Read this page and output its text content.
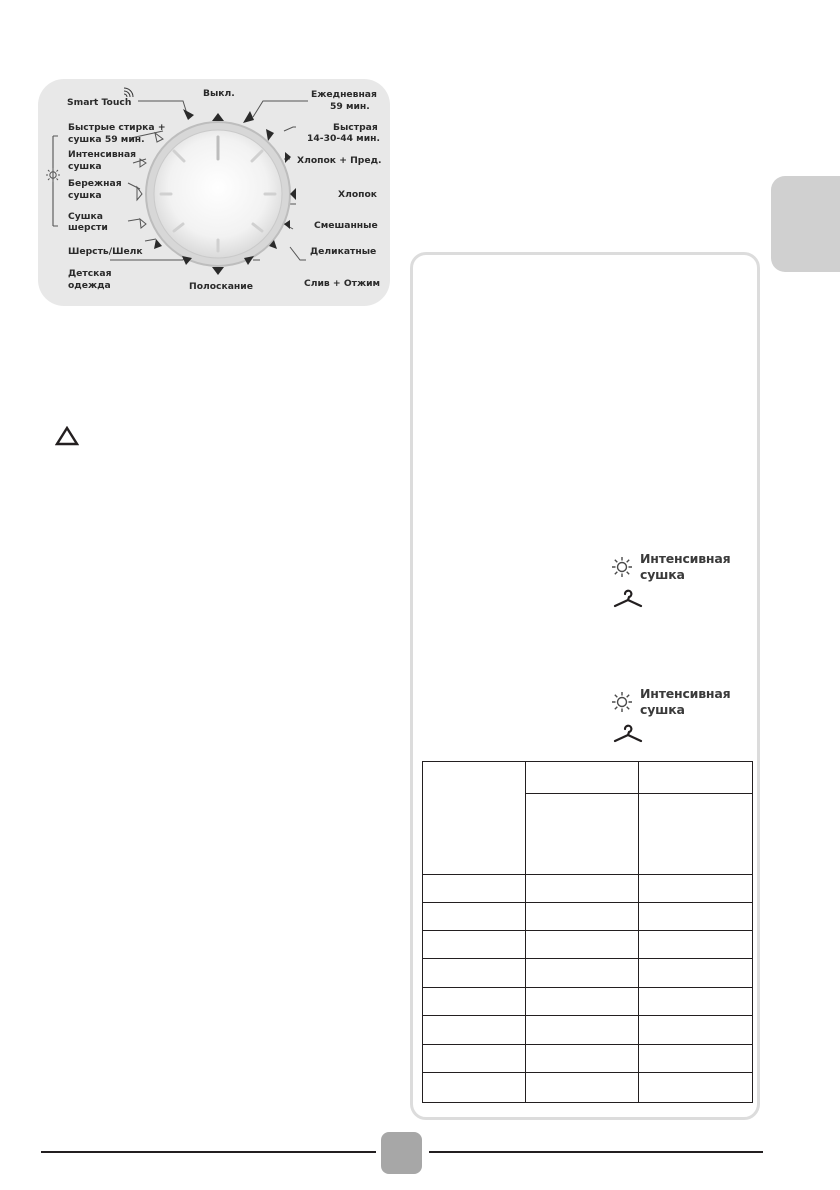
Smart Touch
Выкл.	Ежедневная
59 мин.
Быстрая
14-30-44 мин.
Хлопок + Пред.
Хлопок
Смешанные
Деликатные
Слив + Отжим
Полоскание
Детская
одежда
Шерсть/Шелк
Сушка
шерсти
Бережная
сушка
Интенсивная
сушка
Быстрые стирка +
сушка 59 мин.
Интенсивная
сушка
Интенсивная
сушка
